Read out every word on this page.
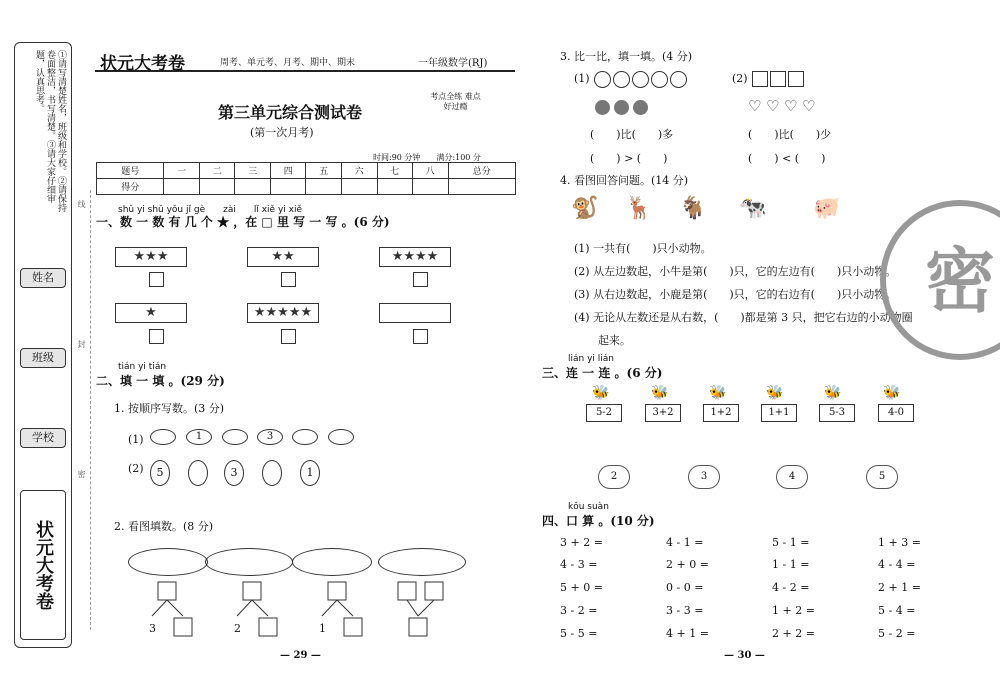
①请写清楚姓名，班级和学校。②请保持卷面整洁，书写清楚。③请大家仔细审题，认真思考。
姓名
班级
学校
状元大考卷
线
封
密
状元大考卷	周考、单元考、月考、期中、期末	一年级数学(RJ)
第三单元综合测试卷
(第一次月考)
考点全练 难点好过瘾
时间:90 分钟　　满分:100 分
题号	一	二	三	四	五	六	七	八	总分
得分									
shǔ yi shǔ yǒu jǐ gè　　zài　　lǐ xiě yi xiě
一、数 一 数 有 几 个 ★ ，在 □ 里 写 一 写 。(6 分)
★★★	★★	★★★★
★	★★★★★
tián yi tián
二、填 一 填 。(29 分)
1. 按顺序写数。(3 分)
(1)	1	3
(2)	5	3	1
2. 看图填数。(8 分)
3	2	1
— 29 —
3. 比一比，填一填。(4 分)
(1)
(　　)比(　　)多
(　　) > (　　)
(2)
♡ ♡ ♡ ♡
(　　)比(　　)少
(　　) < (　　)
4. 看图回答问题。(14 分)
🐒 🦌 🐐 🐄 🐖
(1) 一共有(　　)只小动物。
(2) 从左边数起，小牛是第(　　)只，它的左边有(　　)只小动物。
(3) 从右边数起，小鹿是第(　　)只，它的右边有(　　)只小动物。
(4) 无论从左数还是从右数，(　　)都是第 3 只，把它右边的小动物圈
起来。
lián yi lián
三、连 一 连 。(6 分)
🐝	🐝	🐝	🐝	🐝	🐝
5-2	3+2	1+2	1+1	5-3	4-0
2	3	4	5
kǒu suàn
四、口 算 。(10 分)
3 + 2 =	4 - 1 =	5 - 1 =	1 + 3 =
4 - 3 =	2 + 0 =	1 - 1 =	4 - 4 =
5 + 0 =	0 - 0 =	4 - 2 =	2 + 1 =
3 - 2 =	3 - 3 =	1 + 2 =	5 - 4 =
5 - 5 =	4 + 1 =	2 + 2 =	5 - 2 =
— 30 —
密
